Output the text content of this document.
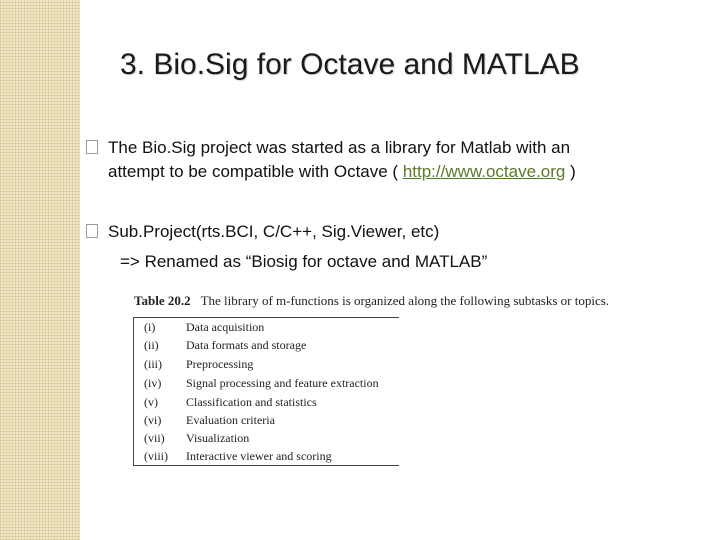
3. Bio.Sig for Octave and MATLAB
The Bio.Sig project was started as a library for Matlab with an
attempt to be compatible with Octave ( http://www.octave.org )
Sub.Project(rts.BCI, C/C++, Sig.Viewer, etc)
=> Renamed as “Biosig for octave and MATLAB”
Table 20.2 The library of m-functions is organized along the following subtasks or topics.
(i)	Data acquisition
(ii)	Data formats and storage
(iii)	Preprocessing
(iv)	Signal processing and feature extraction
(v)	Classification and statistics
(vi)	Evaluation criteria
(vii)	Visualization
(viii)	Interactive viewer and scoring
